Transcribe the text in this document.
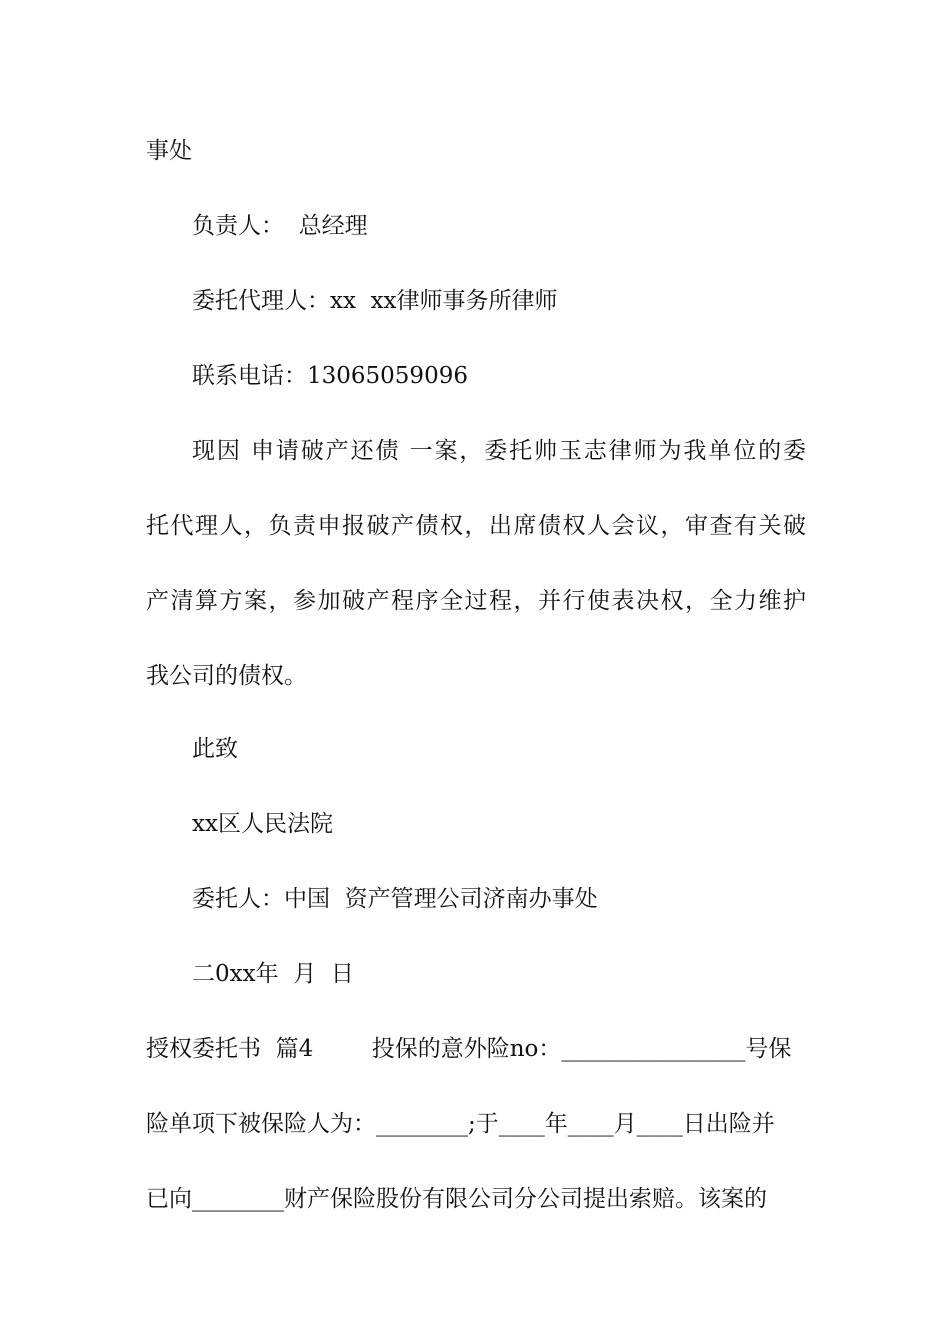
事处
负责人：  总经理
委托代理人：xx  xx律师事务所律师
联系电话：13065059096
现因 申请破产还债 一案，委托帅玉志律师为我单位的委
托代理人，负责申报破产债权，出席债权人会议，审查有关破
产清算方案，参加破产程序全过程，并行使表决权，全力维护
我公司的债权。
此致
xx区人民法院
委托人：中国  资产管理公司济南办事处
二0xx年  月  日
授权委托书  篇4        投保的意外险no：________________号保
险单项下被保险人为：________;于____年____月____日出险并
已向________财产保险股份有限公司分公司提出索赔。该案的
